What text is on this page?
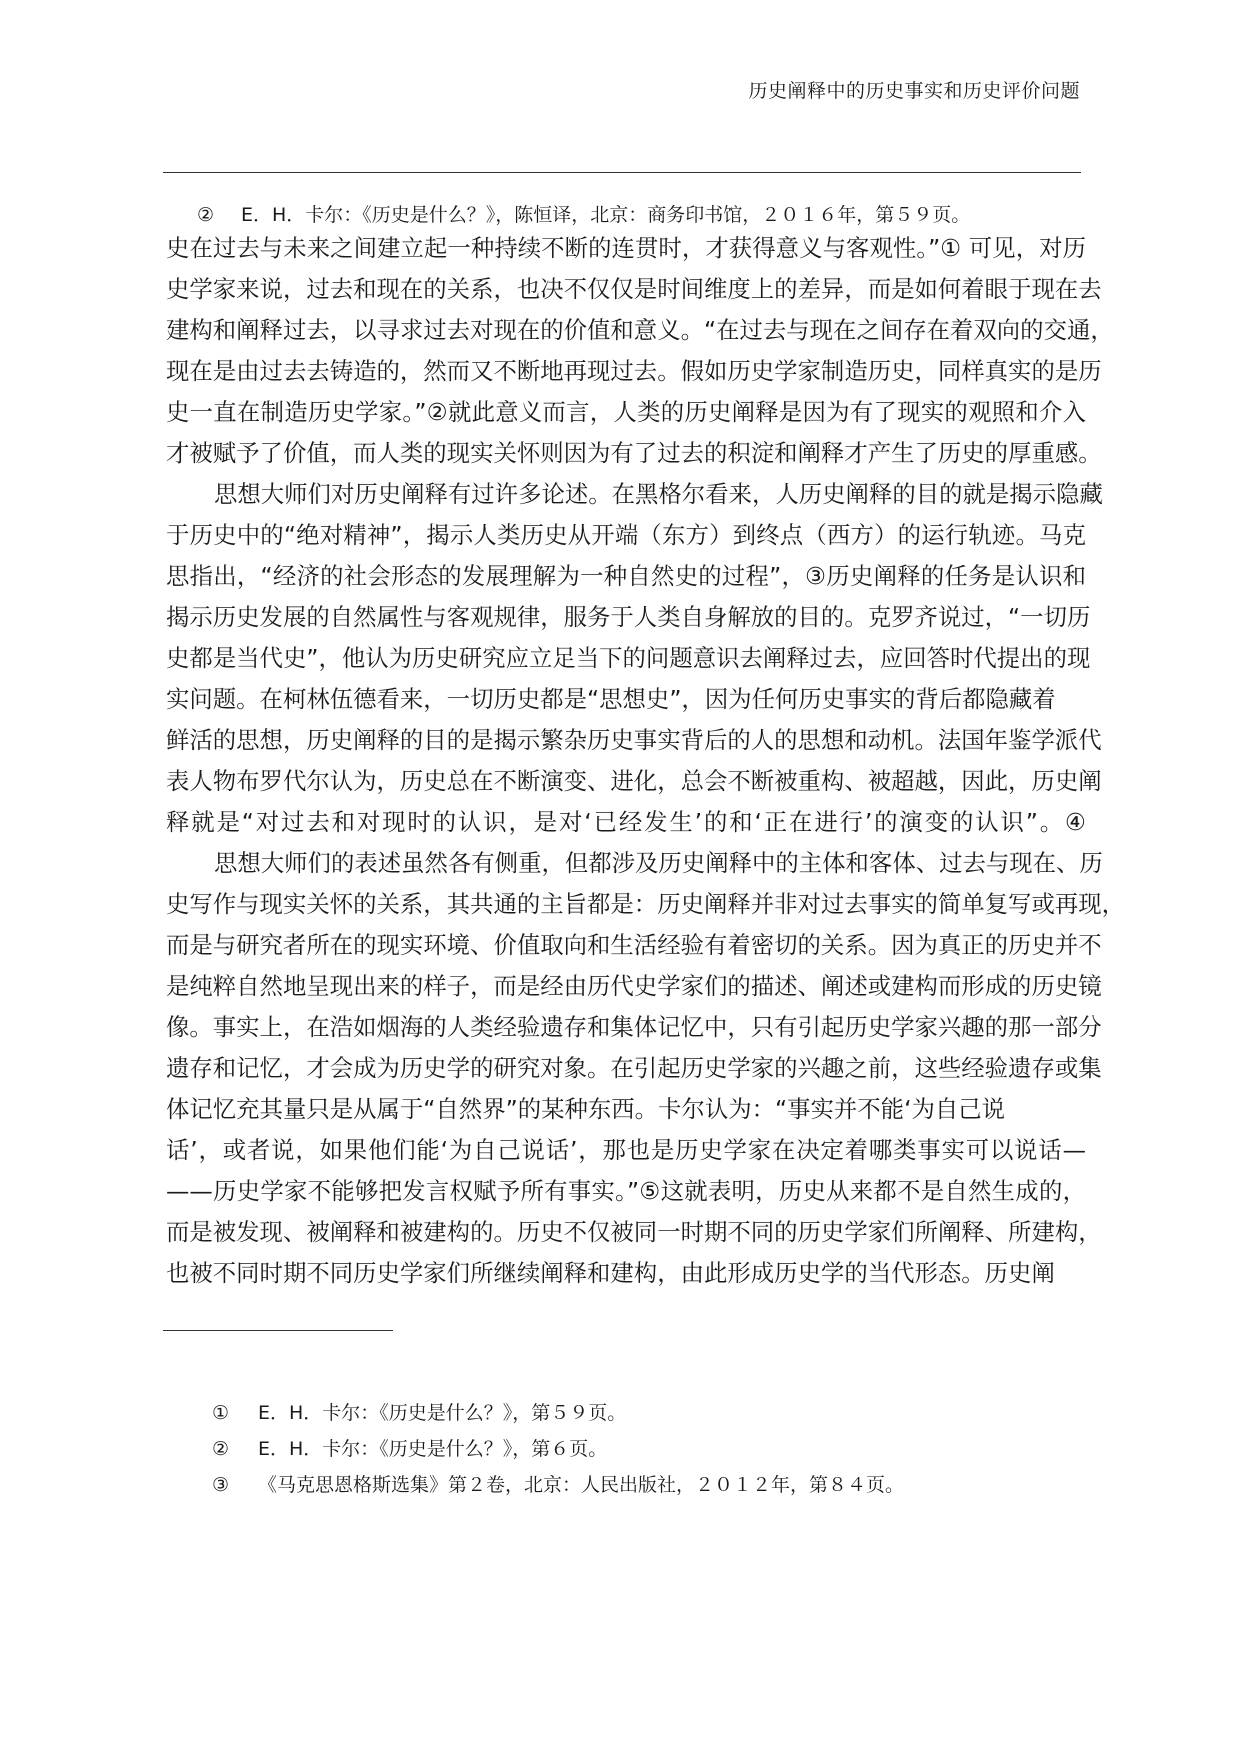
历史阐释中的历史事实和历史评价问题
② E．H．卡尔：《历史是什么？》，陈恒译，北京：商务印书馆，２０１６年，第５９页。
史在过去与未来之间建立起一种持续不断的连贯时，才获得意义与客观性。”① 可见，对历
史学家来说，过去和现在的关系，也决不仅仅是时间维度上的差异，而是如何着眼于现在去
建构和阐释过去，以寻求过去对现在的价值和意义。“在过去与现在之间存在着双向的交通，
现在是由过去去铸造的，然而又不断地再现过去。假如历史学家制造历史，同样真实的是历
史一直在制造历史学家。”②就此意义而言，人类的历史阐释是因为有了现实的观照和介入
才被赋予了价值，而人类的现实关怀则因为有了过去的积淀和阐释才产生了历史的厚重感。
思想大师们对历史阐释有过许多论述。在黑格尔看来，人历史阐释的目的就是揭示隐藏
于历史中的“绝对精神”，揭示人类历史从开端（东方）到终点（西方）的运行轨迹。马克
思指出，“经济的社会形态的发展理解为一种自然史的过程”，③历史阐释的任务是认识和
揭示历史发展的自然属性与客观规律，服务于人类自身解放的目的。克罗齐说过，“一切历
史都是当代史”，他认为历史研究应立足当下的问题意识去阐释过去，应回答时代提出的现
实问题。在柯林伍德看来，一切历史都是“思想史”，因为任何历史事实的背后都隐藏着
鲜活的思想，历史阐释的目的是揭示繁杂历史事实背后的人的思想和动机。法国年鉴学派代
表人物布罗代尔认为，历史总在不断演变、进化，总会不断被重构、被超越，因此，历史阐
释就是“对过去和对现时的认识，是对‘已经发生’的和‘正在进行’的演变的认识”。④
思想大师们的表述虽然各有侧重，但都涉及历史阐释中的主体和客体、过去与现在、历
史写作与现实关怀的关系，其共通的主旨都是：历史阐释并非对过去事实的简单复写或再现，
而是与研究者所在的现实环境、价值取向和生活经验有着密切的关系。因为真正的历史并不
是纯粹自然地呈现出来的样子，而是经由历代史学家们的描述、阐述或建构而形成的历史镜
像。事实上，在浩如烟海的人类经验遗存和集体记忆中，只有引起历史学家兴趣的那一部分
遗存和记忆，才会成为历史学的研究对象。在引起历史学家的兴趣之前，这些经验遗存或集
体记忆充其量只是从属于“自然界”的某种东西。卡尔认为：“事实并不能‘为自己说
话’，或者说，如果他们能‘为自己说话’，那也是历史学家在决定着哪类事实可以说话—
——历史学家不能够把发言权赋予所有事实。”⑤这就表明，历史从来都不是自然生成的，
而是被发现、被阐释和被建构的。历史不仅被同一时期不同的历史学家们所阐释、所建构，
也被不同时期不同历史学家们所继续阐释和建构，由此形成历史学的当代形态。历史阐
① E．H．卡尔：《历史是什么？》，第５９页。
② E．H．卡尔：《历史是什么？》，第６页。
③ 《马克思恩格斯选集》第２卷，北京：人民出版社，２０１２年，第８４页。
